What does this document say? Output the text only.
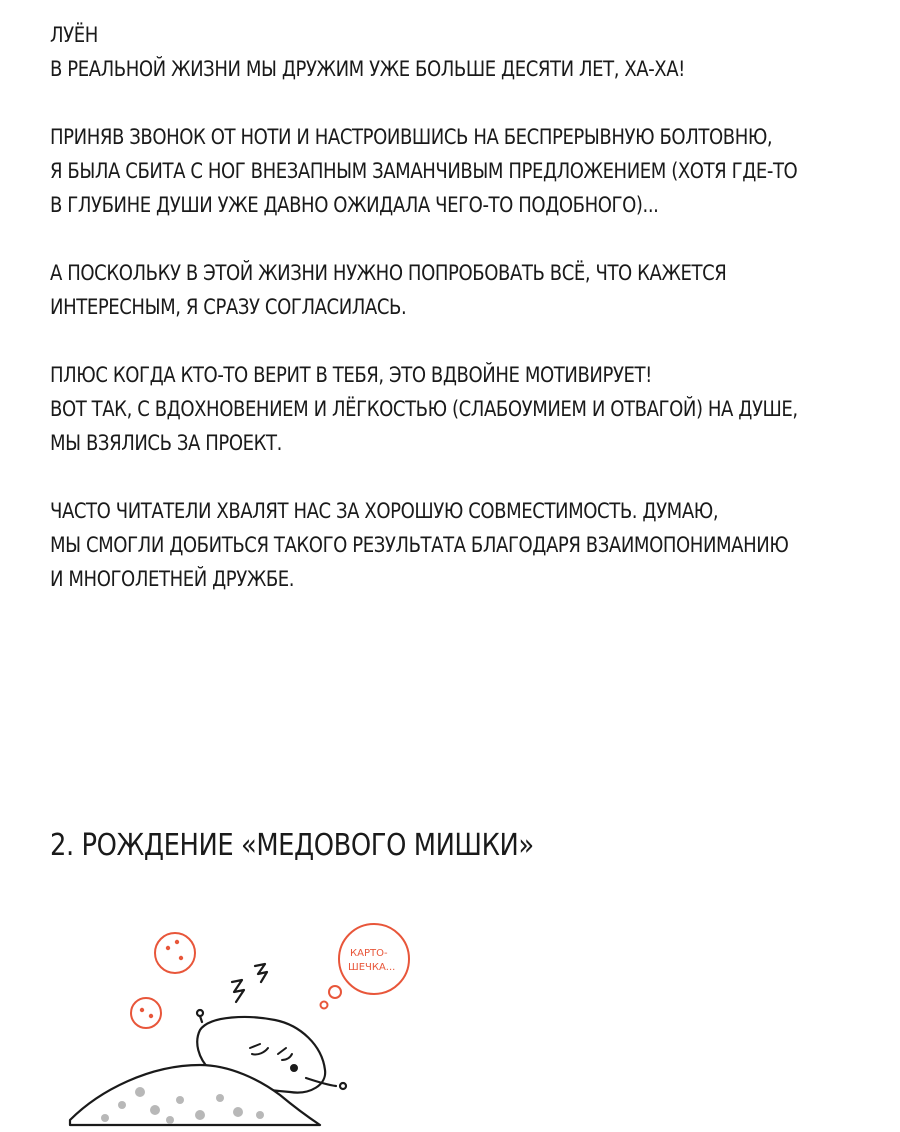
ЛУЁН
В РЕАЛЬНОЙ ЖИЗНИ МЫ ДРУЖИМ УЖЕ БОЛЬШЕ ДЕСЯТИ ЛЕТ, ХА-ХА!
ПРИНЯВ ЗВОНОК ОТ НОТИ И НАСТРОИВШИСЬ НА БЕСПРЕРЫВНУЮ БОЛТОВНЮ,
Я БЫЛА СБИТА С НОГ ВНЕЗАПНЫМ ЗАМАНЧИВЫМ ПРЕДЛОЖЕНИЕМ (ХОТЯ ГДЕ-ТО
В ГЛУБИНЕ ДУШИ УЖЕ ДАВНО ОЖИДАЛА ЧЕГО-ТО ПОДОБНОГО)...
А ПОСКОЛЬКУ В ЭТОЙ ЖИЗНИ НУЖНО ПОПРОБОВАТЬ ВСЁ, ЧТО КАЖЕТСЯ
ИНТЕРЕСНЫМ, Я СРАЗУ СОГЛАСИЛАСЬ.
ПЛЮС КОГДА КТО-ТО ВЕРИТ В ТЕБЯ, ЭТО ВДВОЙНЕ МОТИВИРУЕТ!
ВОТ ТАК, С ВДОХНОВЕНИЕМ И ЛЁГКОСТЬЮ (СЛАБОУМИЕМ И ОТВАГОЙ) НА ДУШЕ,
МЫ ВЗЯЛИСЬ ЗА ПРОЕКТ.
ЧАСТО ЧИТАТЕЛИ ХВАЛЯТ НАС ЗА ХОРОШУЮ СОВМЕСТИМОСТЬ. ДУМАЮ,
МЫ СМОГЛИ ДОБИТЬСЯ ТАКОГО РЕЗУЛЬТАТА БЛАГОДАРЯ ВЗАИМОПОНИМАНИЮ
И МНОГОЛЕТНЕЙ ДРУЖБЕ.
2. РОЖДЕНИЕ «МЕДОВОГО МИШКИ»
КАРТО-
ШЕЧКА...
